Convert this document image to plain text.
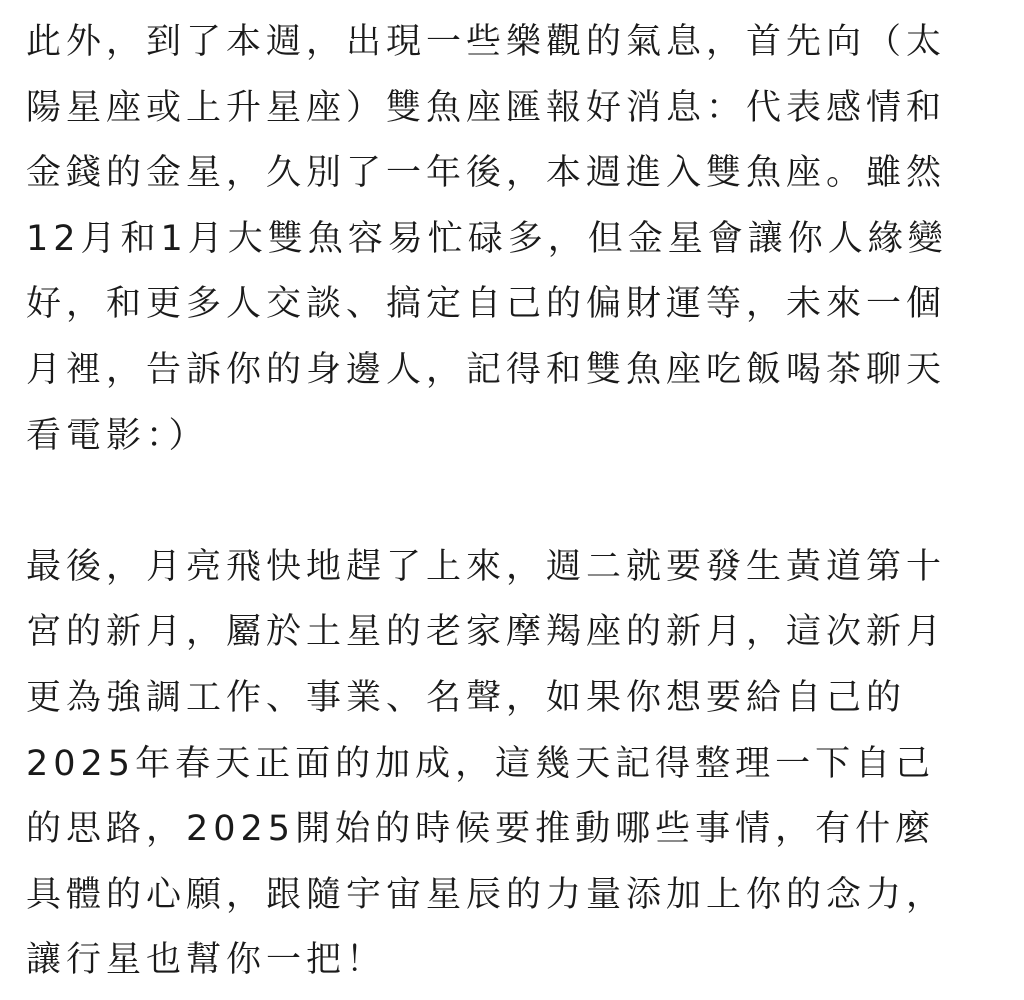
此外，到了本週，出現一些樂觀的氣息，首先向（太
陽星座或上升星座）雙魚座匯報好消息：代表感情和
金錢的金星，久別了一年後，本週進入雙魚座。雖然
12月和1月大雙魚容易忙碌多，但金星會讓你人緣變
好，和更多人交談、搞定自己的偏財運等，未來一個
月裡，告訴你的身邊人，記得和雙魚座吃飯喝茶聊天
看電影：）
最後，月亮飛快地趕了上來，週二就要發生黃道第十
宮的新月，屬於土星的老家摩羯座的新月，這次新月
更為強調工作、事業、名聲，如果你想要給自己的
2025年春天正面的加成，這幾天記得整理一下自己
的思路，2025開始的時候要推動哪些事情，有什麼
具體的心願，跟隨宇宙星辰的力量添加上你的念力，
讓行星也幫你一把！
